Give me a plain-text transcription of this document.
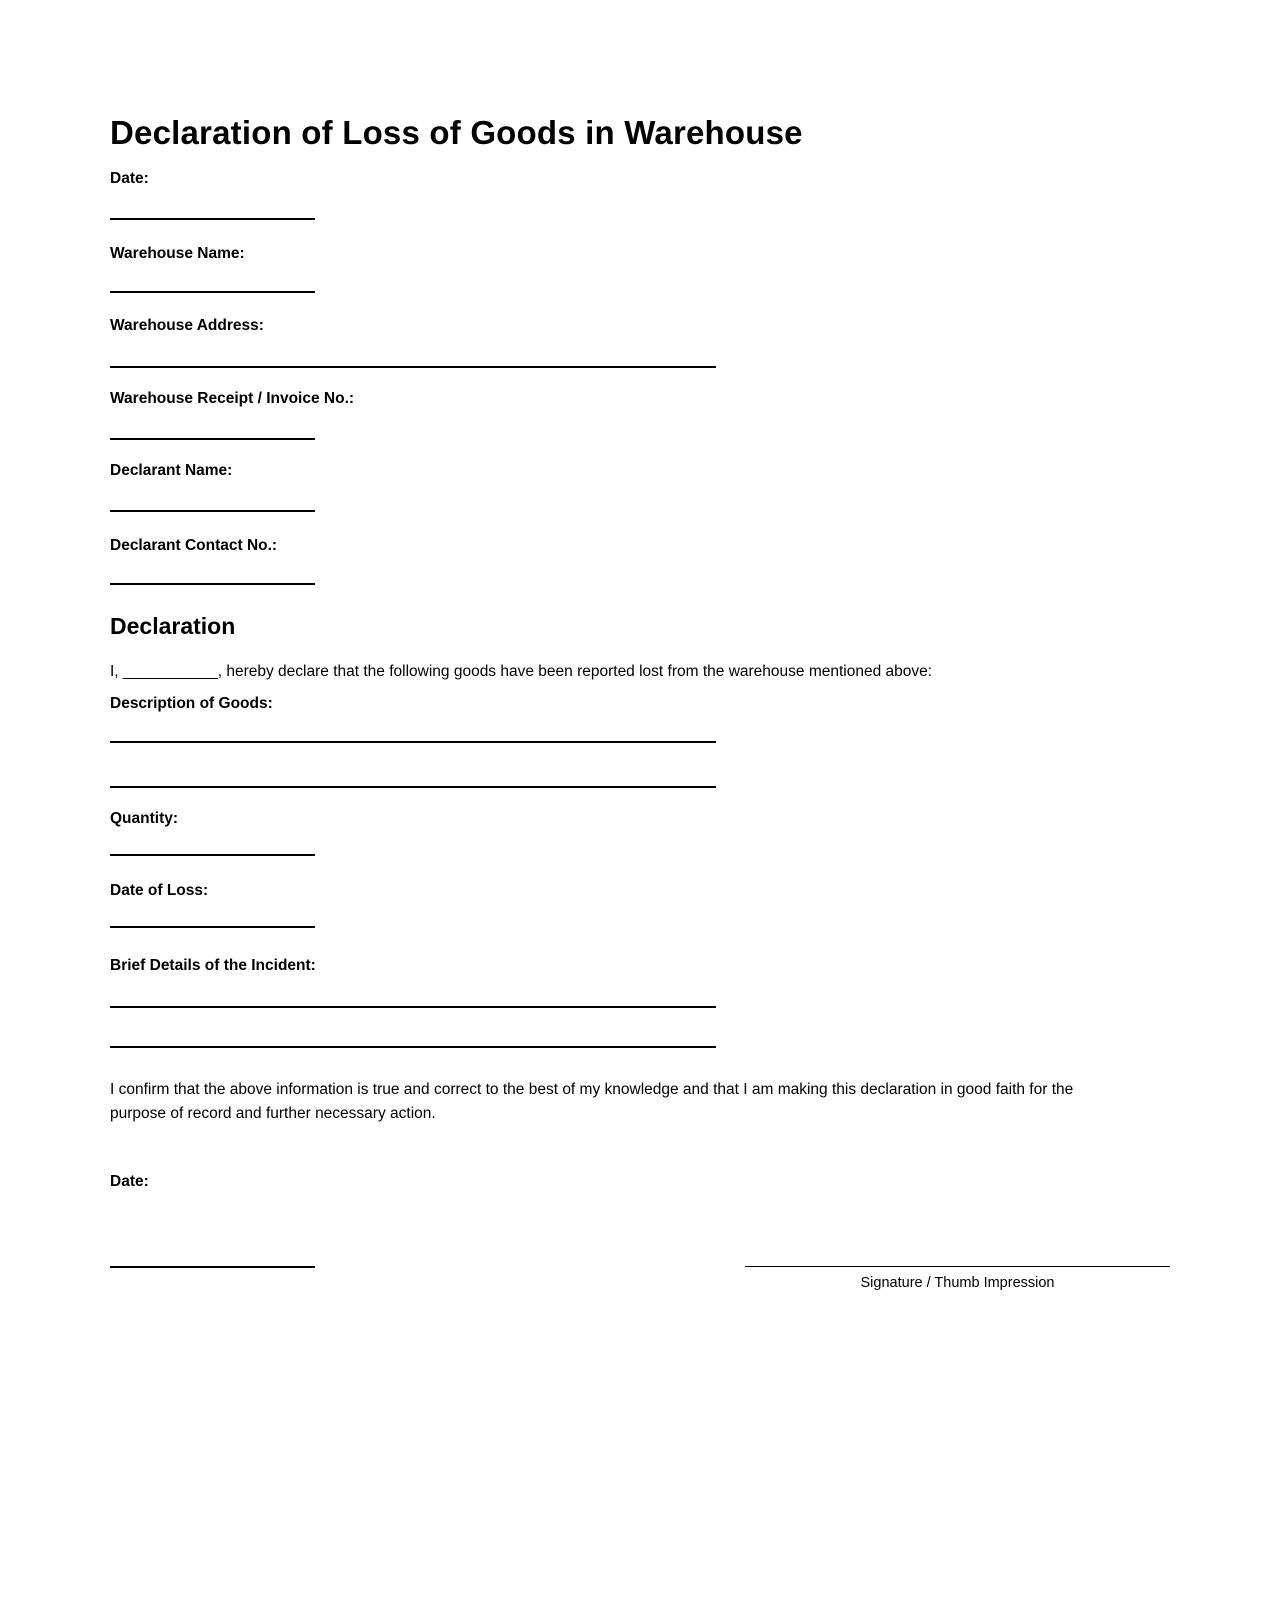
Declaration of Loss of Goods in Warehouse
Date:
Warehouse Name:
Warehouse Address:
Warehouse Receipt / Invoice No.:
Declarant Name:
Declarant Contact No.:
Declaration

I, ___________, hereby declare that the following goods have been reported lost from the warehouse mentioned above:

Description of Goods:
Quantity:
Date of Loss:
Brief Details of the Incident:

I confirm that the above information is true and correct to the best of my knowledge and that I am making this declaration in good faith for the purpose of record and further necessary action.

Date:
Signature / Thumb Impression
